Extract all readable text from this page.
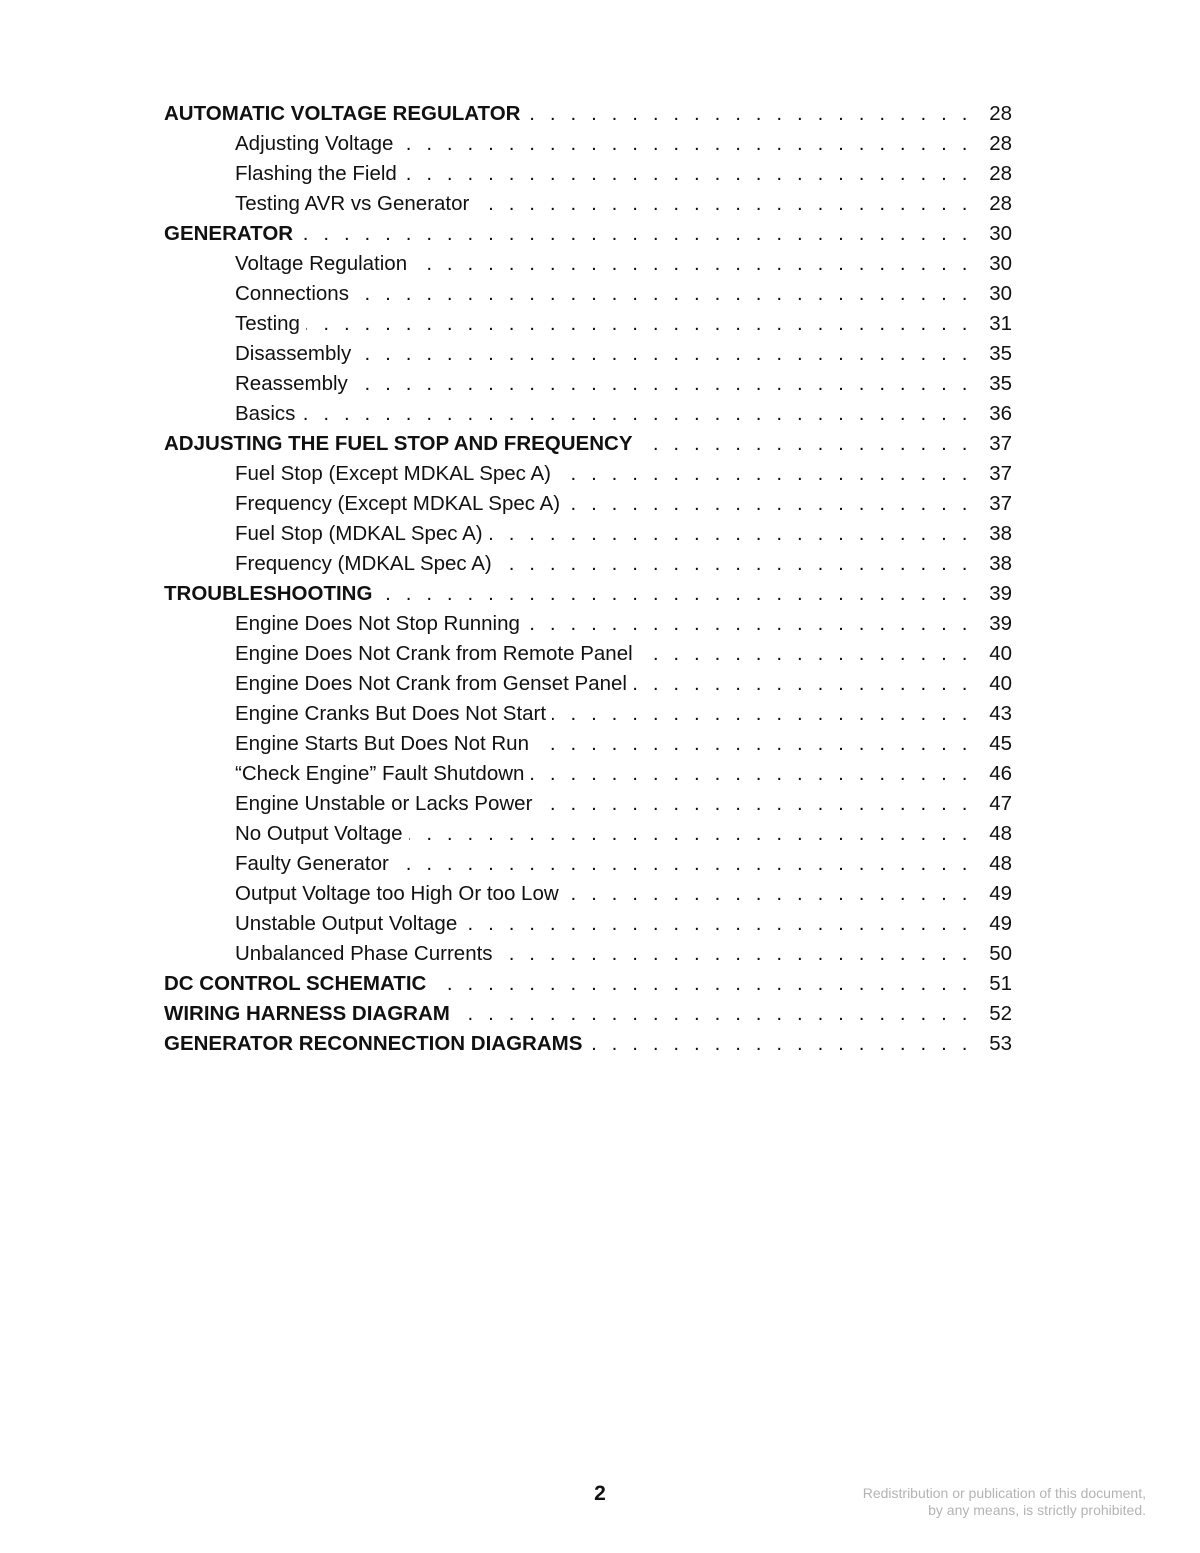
AUTOMATIC VOLTAGE REGULATOR . . .	28
Adjusting Voltage . . .	28
Flashing the Field . . .	28
Testing AVR vs Generator . . .	28
GENERATOR . . .	30
Voltage Regulation . . .	30
Connections . . .	30
Testing . . .	31
Disassembly . . .	35
Reassembly . . .	35
Basics . . .	36
ADJUSTING THE FUEL STOP AND FREQUENCY . . .	37
Fuel Stop (Except MDKAL Spec A) . . .	37
Frequency (Except MDKAL Spec A) . . .	37
Fuel Stop (MDKAL Spec A) . . .	38
Frequency (MDKAL Spec A) . . .	38
TROUBLESHOOTING . . .	39
Engine Does Not Stop Running . . .	39
Engine Does Not Crank from Remote Panel . . .	40
Engine Does Not Crank from Genset Panel . . .	40
Engine Cranks But Does Not Start . . .	43
Engine Starts But Does Not Run . . .	45
“Check Engine” Fault Shutdown . . .	46
Engine Unstable or Lacks Power . . .	47
No Output Voltage . . .	48
Faulty Generator . . .	48
Output Voltage too High Or too Low . . .	49
Unstable Output Voltage . . .	49
Unbalanced Phase Currents . . .	50
DC CONTROL SCHEMATIC . . .	51
WIRING HARNESS DIAGRAM . . .	52
GENERATOR RECONNECTION DIAGRAMS . . .	53
2	Redistribution or publication of this document,
by any means, is strictly prohibited.
